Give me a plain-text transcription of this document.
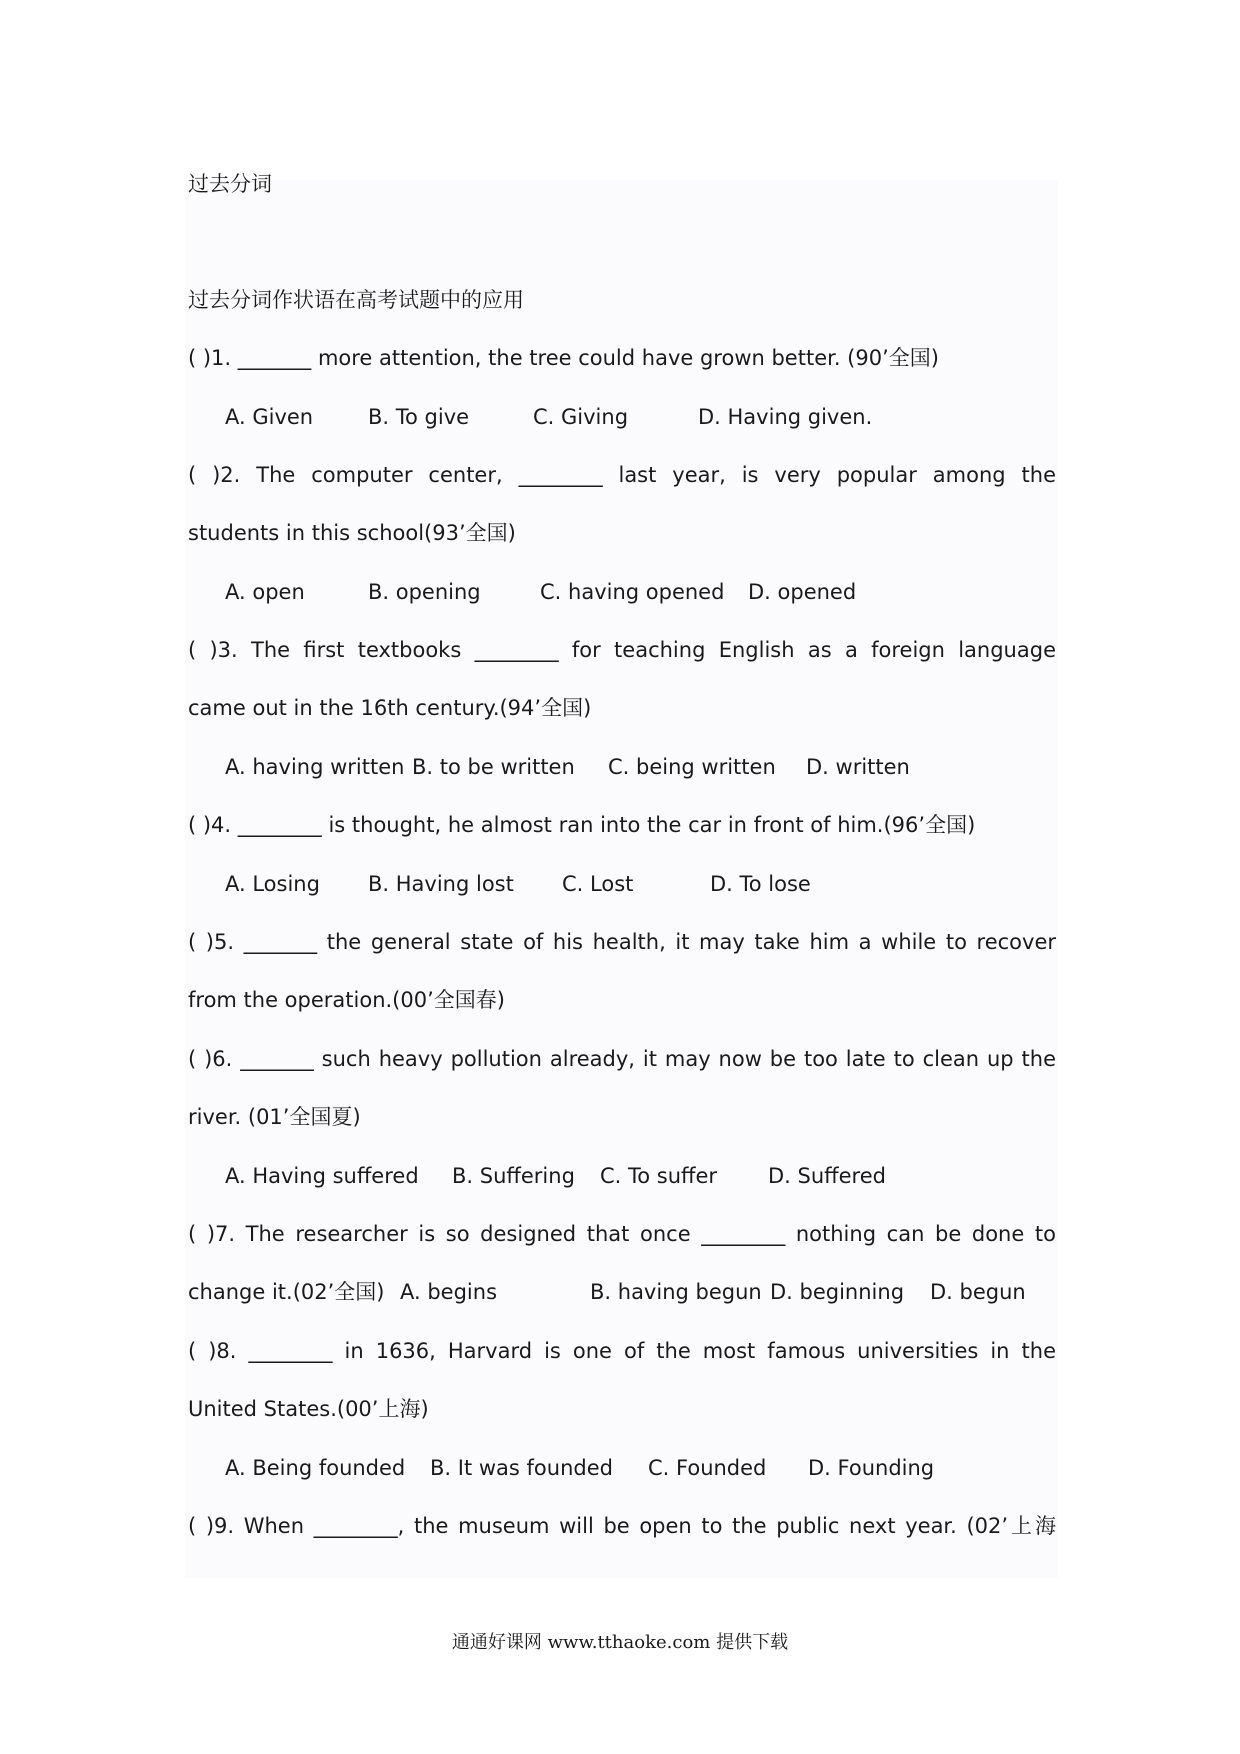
过去分词
过去分词作状语在高考试题中的应用
( )1. _______ more attention, the tree could have grown better. (90’全国)
A. Given	B. To give	C. Giving	D. Having given.
( )2. The computer center, ________ last year, is very popular among the
students in this school(93’全国)
A. open	B. opening	C. having opened D. opened
( )3. The first textbooks ________ for teaching English as a foreign language
came out in the 16th century.(94’全国)
A. having written B. to be written C. being written D. written
( )4. ________ is thought, he almost ran into the car in front of him.(96’全国)
A. Losing B. Having lost C. Lost	D. To lose
( )5. _______ the general state of his health, it may take him a while to recover
from the operation.(00’全国春)
( )6. _______ such heavy pollution already, it may now be too late to clean up the
river. (01’全国夏)
A. Having suffered B. Suffering C. To suffer D. Suffered
( )7. The researcher is so designed that once ________ nothing can be done to
change it.(02’全国) A. begins	B. having begun D. beginning D. begun
( )8. ________ in 1636, Harvard is one of the most famous universities in the
United States.(00’上海)
A. Being founded B. It was founded C. Founded D. Founding
( )9. When ________, the museum will be open to the public next year. (02’上海
通通好课网 www.tthaoke.com 提供下载
